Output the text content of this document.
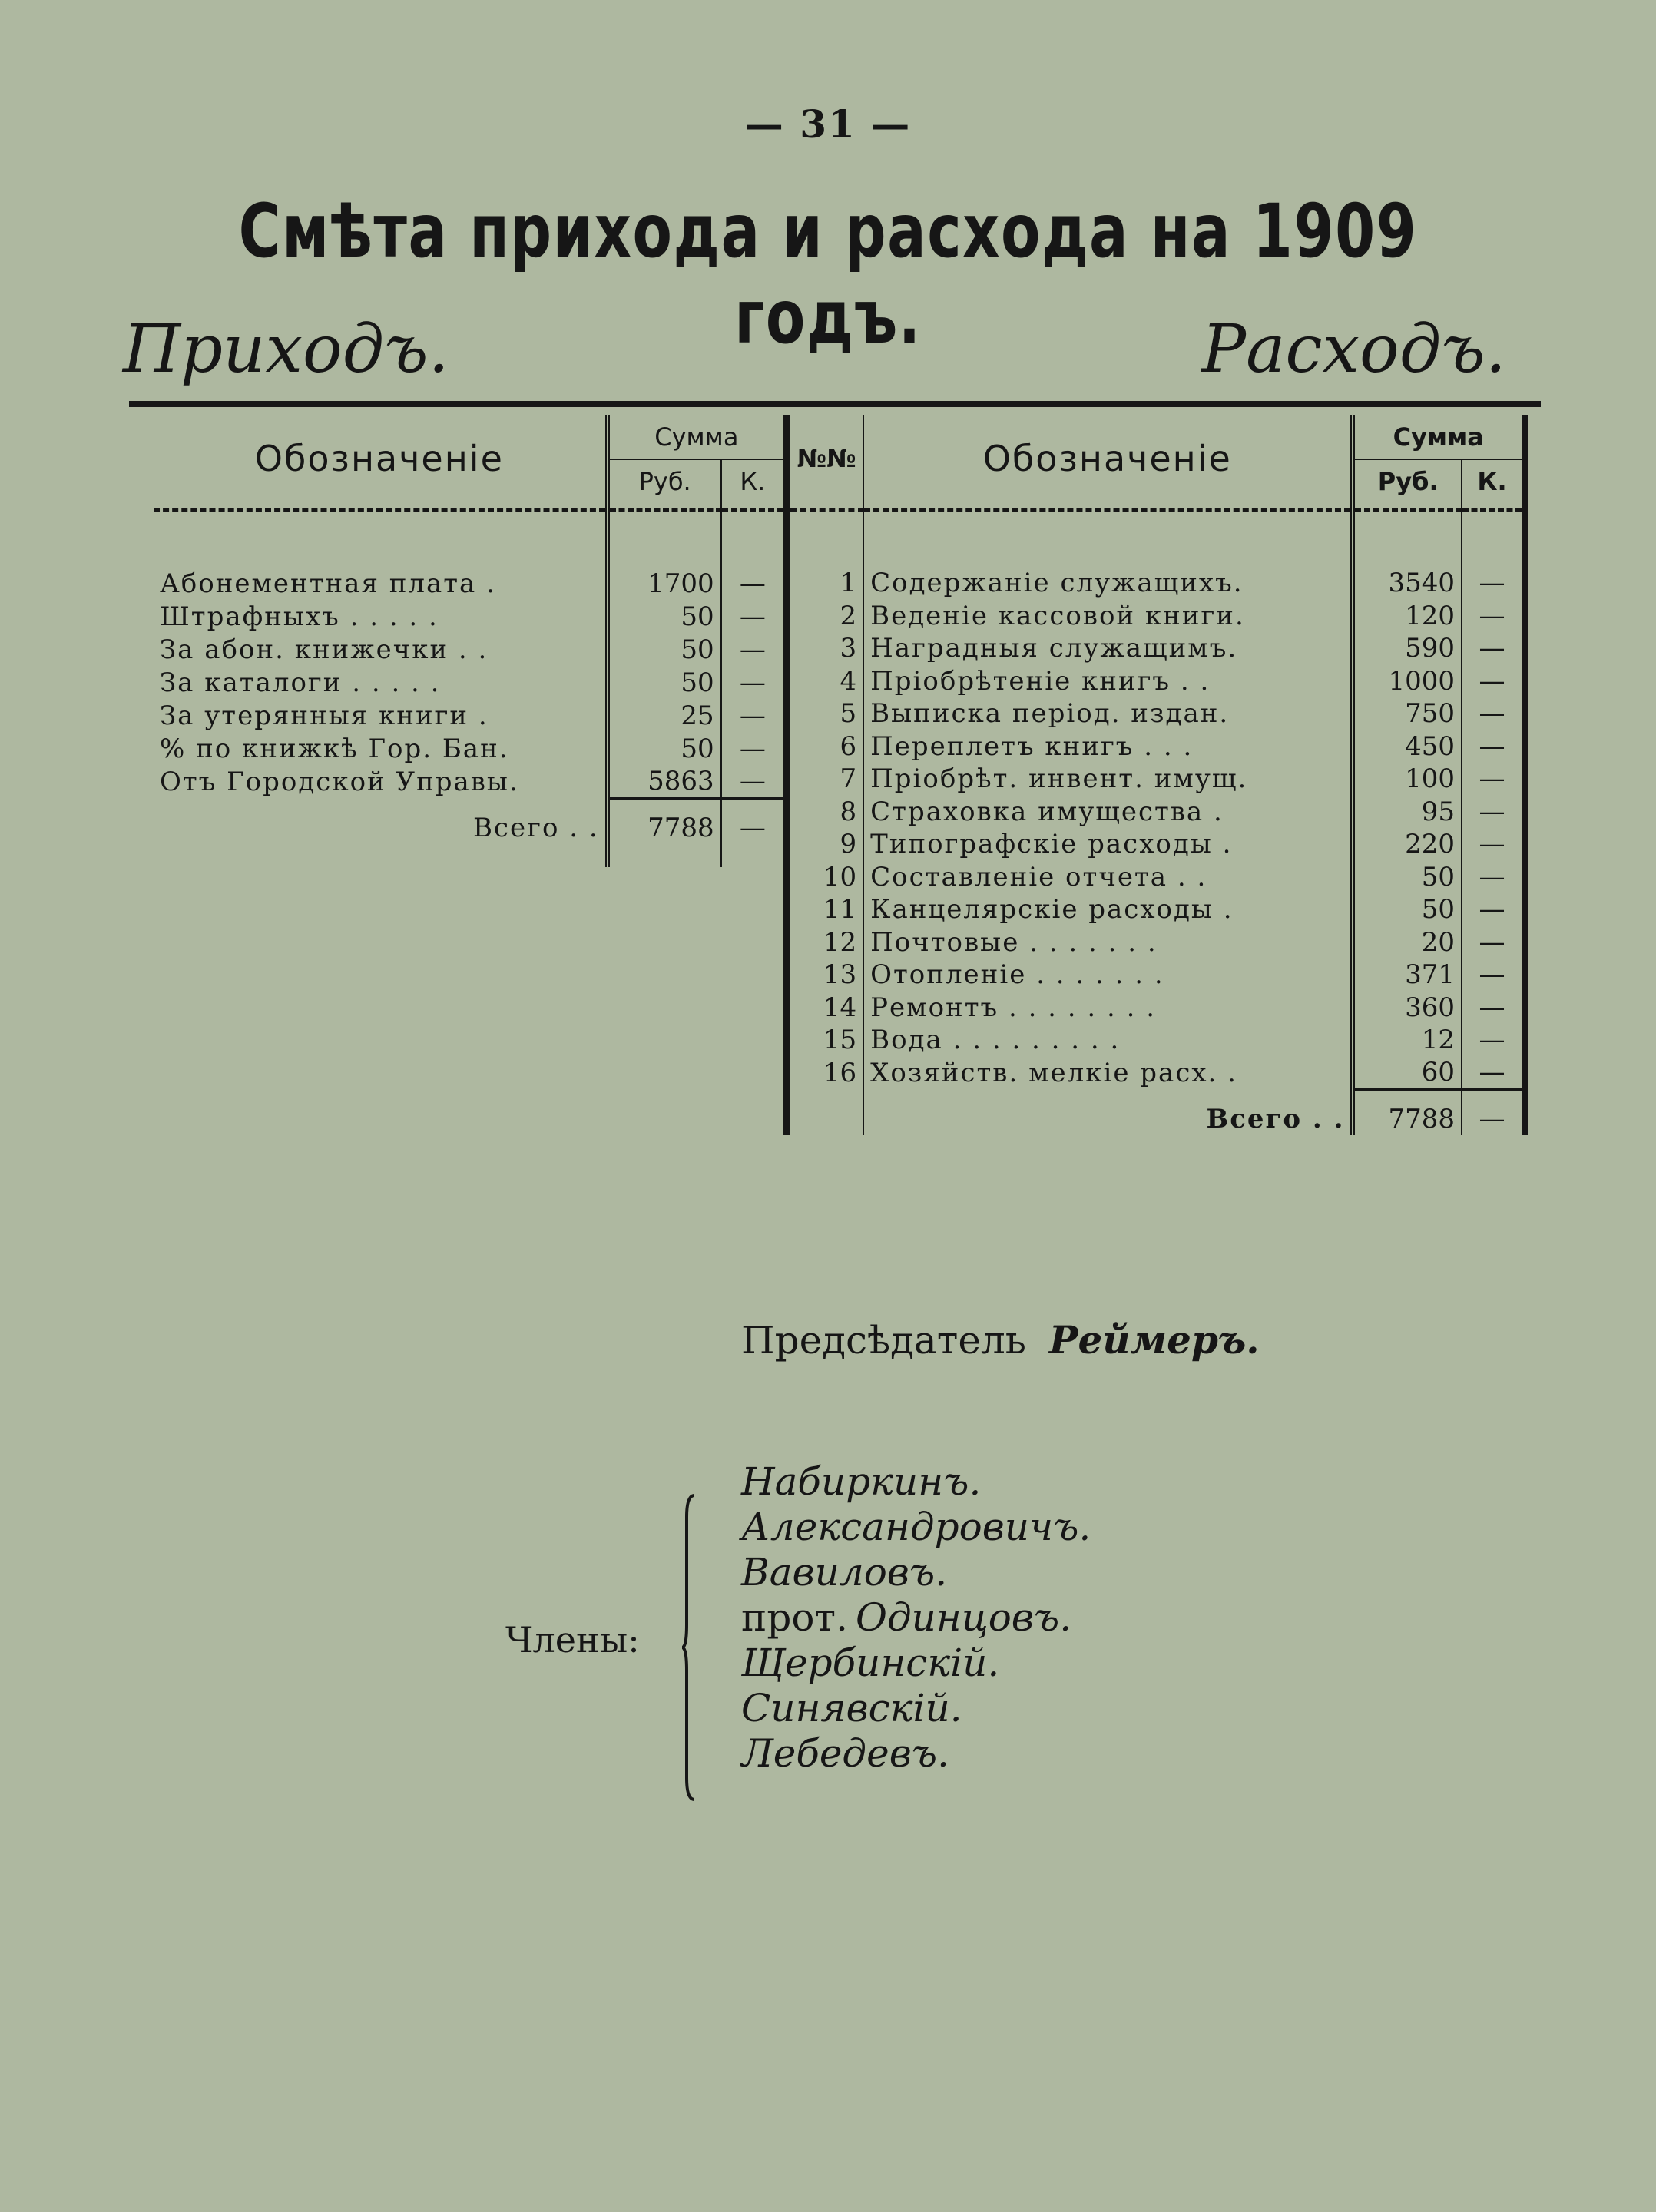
— 31 —
Смѣта прихода и расхода на 1909 годъ.
Приходъ.	Расходъ.
Обозначеніе	Сумма	
	Руб.	К.

Абонементная плата .	1700	—
Штрафныхъ . . . . .	50	—
За абон. книжечки . .	50	—
За каталоги . . . . .	50	—
За утерянныя книги .	25	—
% по книжкѣ Гор. Бан.	50	—
Отъ Городской Управы.	5863	—

Всего . .	7788	—

№№	Обозначеніе	Сумма	
		Руб.	К.

1	Содержаніе служащихъ.	3540	—
2	Веденіе кассовой книги.	120	—
3	Наградныя служащимъ.	590	—
4	Пріобрѣтеніе книгъ . .	1000	—
5	Выписка період. издан.	750	—
6	Переплетъ книгъ . . .	450	—
7	Пріобрѣт. инвент. имущ.	100	—
8	Страховка имущества .	95	—
9	Типографскіе расходы .	220	—
10	Составленіе отчета . .	50	—
11	Канцелярскіе расходы .	50	—
12	Почтовые . . . . . . .	20	—
13	Отопленіе . . . . . . .	371	—
14	Ремонтъ . . . . . . . .	360	—
15	Вода . . . . . . . . .	12	—
16	Хозяйств. мелкіе расх. .	60	—

	Всего . .	7788	—
Предсѣдатель Реймеръ.
Члены:
Набиркинъ.
Александровичъ.
Вавиловъ.
прот. Одинцовъ.
Щербинскій.
Синявскій.
Лебедевъ.
